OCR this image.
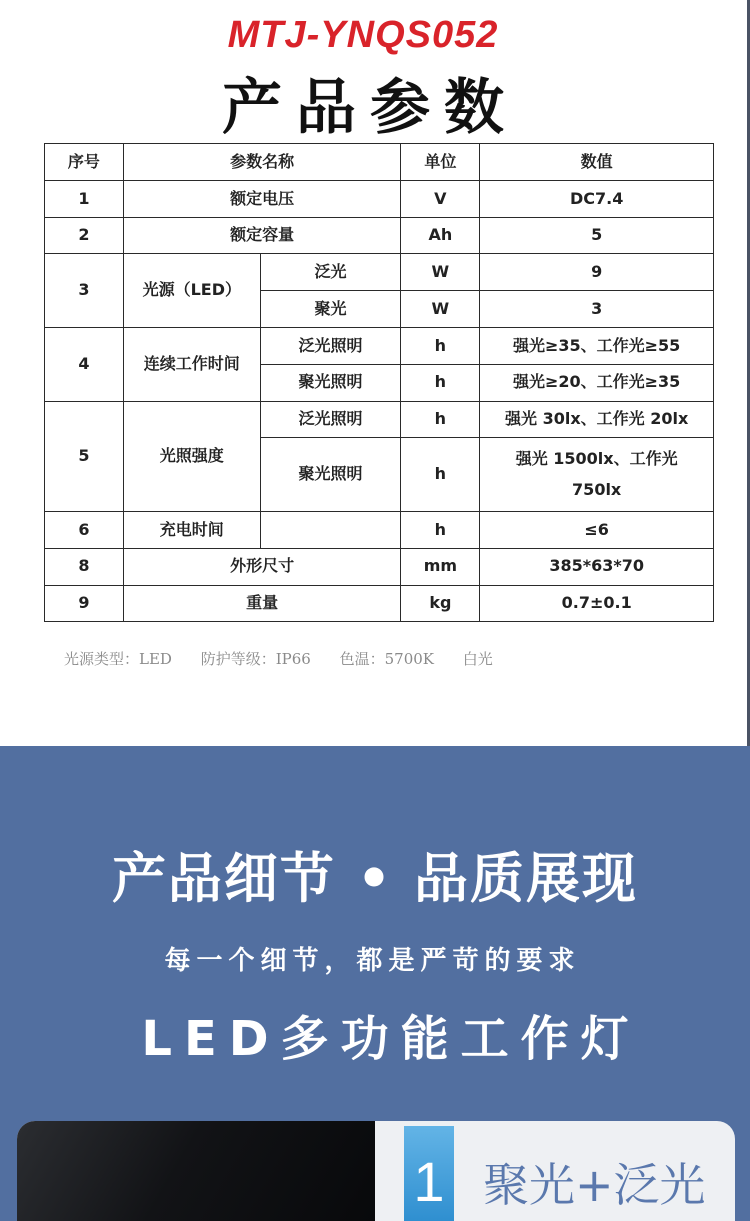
MTJ-YNQS052
产品参数
序号	参数名称		单位	数值
1	额定电压		V	DC7.4
2	额定容量		Ah	5
3	光源（LED）	泛光	W	9
		聚光	W	3
4	连续工作时间	泛光照明	h	强光≥35、工作光≥55
		聚光照明	h	强光≥20、工作光≥35
5	光照强度	泛光照明	h	强光 30lx、工作光 20lx
		聚光照明	h	强光 1500lx、工作光
750lx

6	充电时间		h	≤6
8	外形尺寸		mm	385*63*70
9	重量		kg	0.7±0.1
光源类型：LED 防护等级：IP66 色温：5700K 白光
产品细节 • 品质展现
每一个细节，都是严苛的要求
LED多功能工作灯
1 聚光+泛光
